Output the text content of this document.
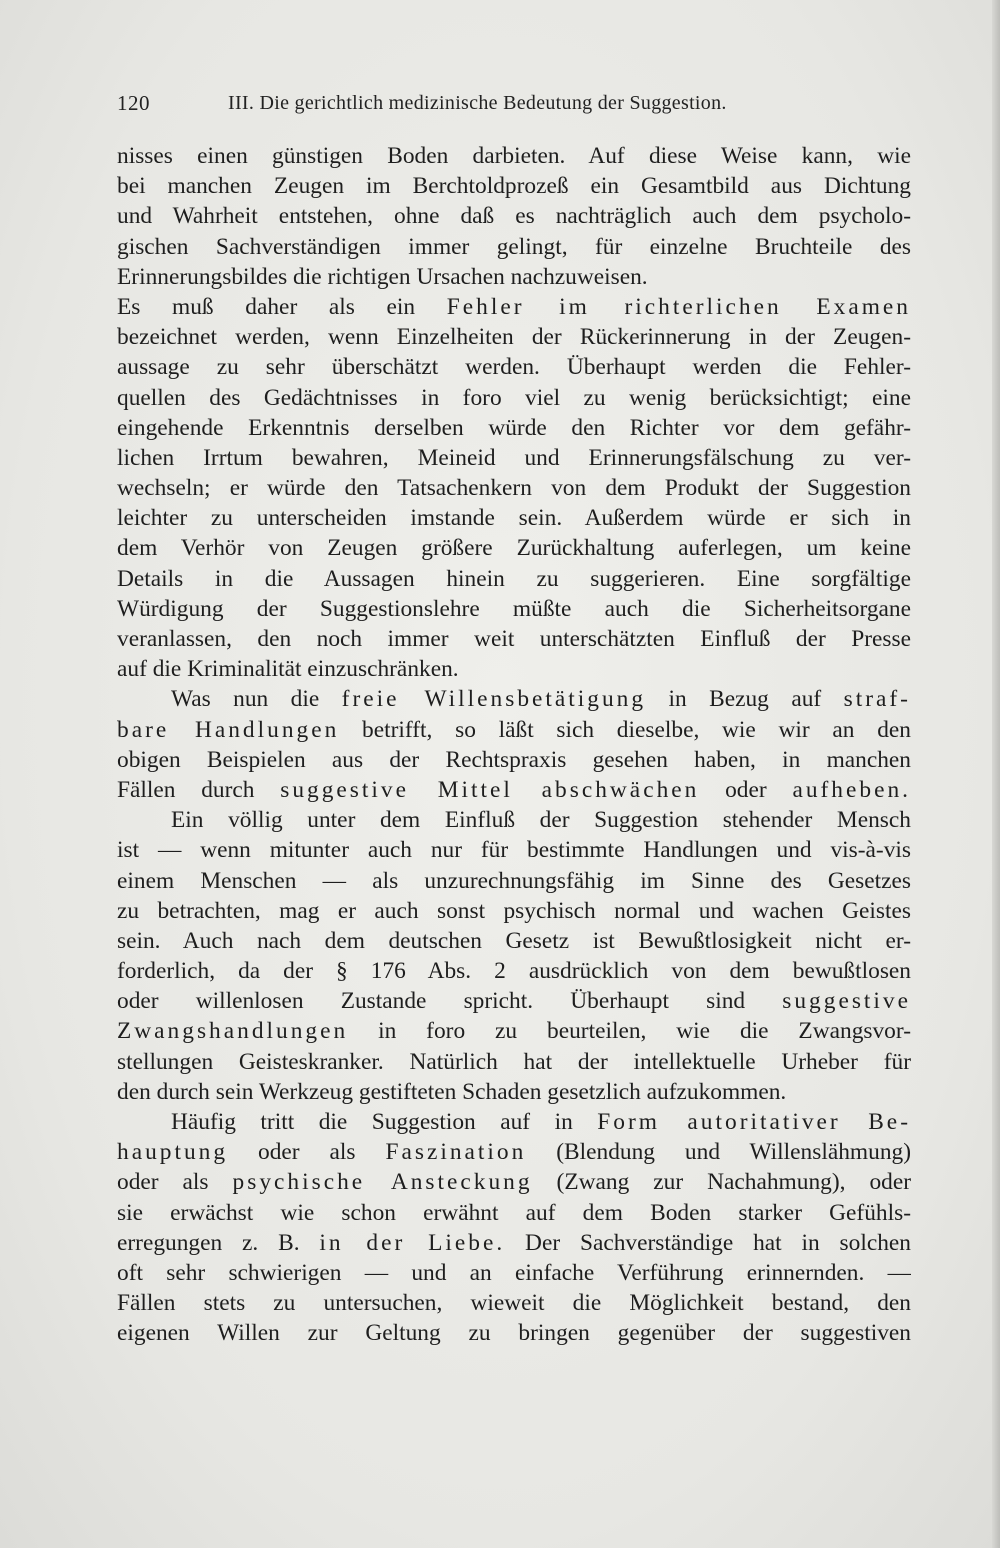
120	III. Die gerichtlich medizinische Bedeutung der Suggestion.
nisses einen günstigen Boden darbieten. Auf diese Weise kann, wie
bei manchen Zeugen im Berchtoldprozeß ein Gesamtbild aus Dichtung
und Wahrheit entstehen, ohne daß es nachträglich auch dem psycholo-
gischen Sachverständigen immer gelingt, für einzelne Bruchteile des
Erinnerungsbildes die richtigen Ursachen nachzuweisen.
Es muß daher als ein Fehler im richterlichen Examen
bezeichnet werden, wenn Einzelheiten der Rückerinnerung in der Zeugen-
aussage zu sehr überschätzt werden. Überhaupt werden die Fehler-
quellen des Gedächtnisses in foro viel zu wenig berücksichtigt; eine
eingehende Erkenntnis derselben würde den Richter vor dem gefähr-
lichen Irrtum bewahren, Meineid und Erinnerungsfälschung zu ver-
wechseln; er würde den Tatsachenkern von dem Produkt der Suggestion
leichter zu unterscheiden imstande sein. Außerdem würde er sich in
dem Verhör von Zeugen größere Zurückhaltung auferlegen, um keine
Details in die Aussagen hinein zu suggerieren. Eine sorgfältige
Würdigung der Suggestionslehre müßte auch die Sicherheitsorgane
veranlassen, den noch immer weit unterschätzten Einfluß der Presse
auf die Kriminalität einzuschränken.
Was nun die freie Willensbetätigung in Bezug auf straf-
bare Handlungen betrifft, so läßt sich dieselbe, wie wir an den
obigen Beispielen aus der Rechtspraxis gesehen haben, in manchen
Fällen durch suggestive Mittel abschwächen oder aufheben.
Ein völlig unter dem Einfluß der Suggestion stehender Mensch
ist — wenn mitunter auch nur für bestimmte Handlungen und vis-à-vis
einem Menschen — als unzurechnungsfähig im Sinne des Gesetzes
zu betrachten, mag er auch sonst psychisch normal und wachen Geistes
sein. Auch nach dem deutschen Gesetz ist Bewußtlosigkeit nicht er-
forderlich, da der § 176 Abs. 2 ausdrücklich von dem bewußtlosen
oder willenlosen Zustande spricht. Überhaupt sind suggestive
Zwangshandlungen in foro zu beurteilen, wie die Zwangsvor-
stellungen Geisteskranker. Natürlich hat der intellektuelle Urheber für
den durch sein Werkzeug gestifteten Schaden gesetzlich aufzukommen.
Häufig tritt die Suggestion auf in Form autoritativer Be-
hauptung oder als Faszination (Blendung und Willenslähmung)
oder als psychische Ansteckung (Zwang zur Nachahmung), oder
sie erwächst wie schon erwähnt auf dem Boden starker Gefühls-
erregungen z. B. in der Liebe. Der Sachverständige hat in solchen
oft sehr schwierigen — und an einfache Verführung erinnernden. —
Fällen stets zu untersuchen, wieweit die Möglichkeit bestand, den
eigenen Willen zur Geltung zu bringen gegenüber der suggestiven
